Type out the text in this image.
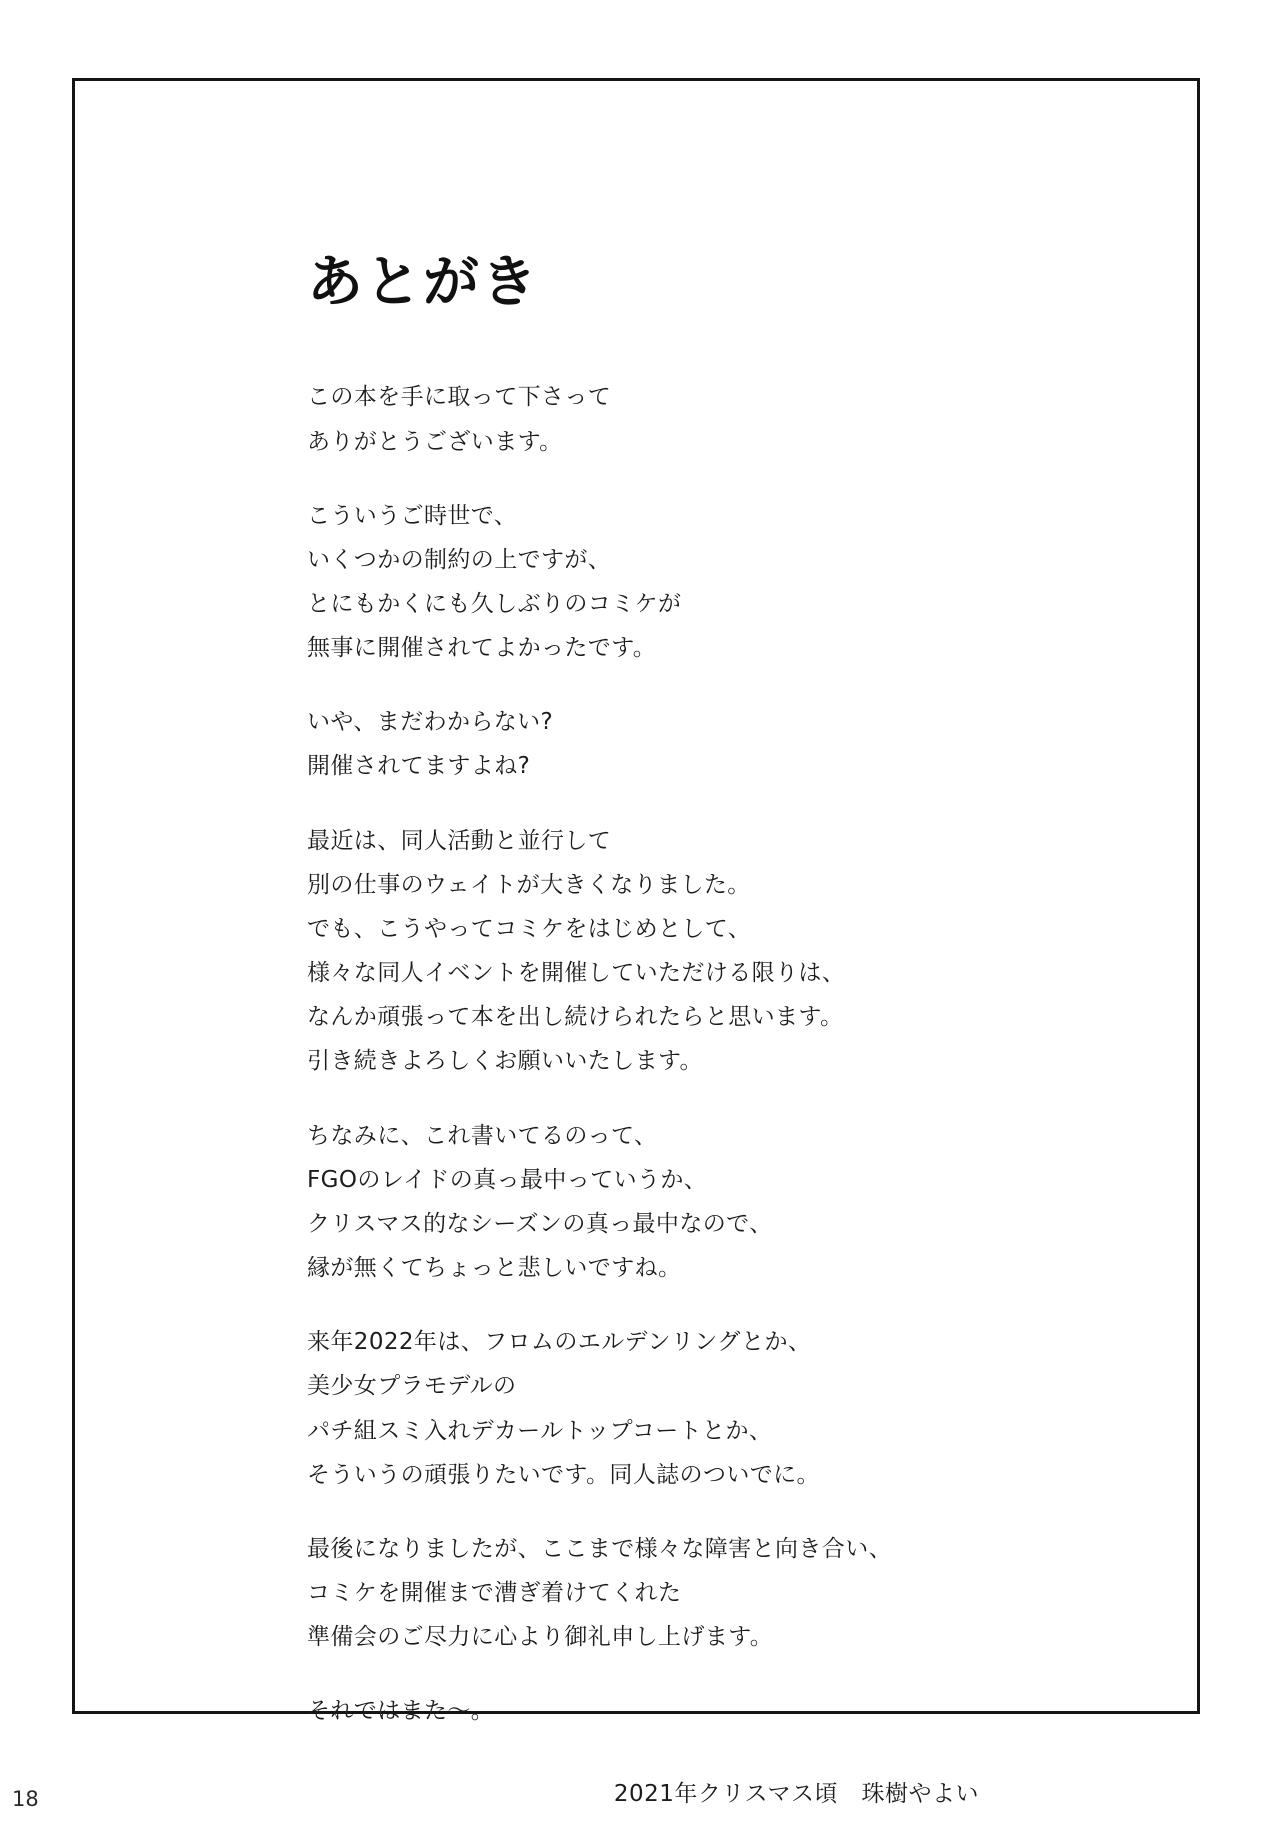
あとがき

この本を手に取って下さって
ありがとうございます。

こういうご時世で、
いくつかの制約の上ですが、
とにもかくにも久しぶりのコミケが
無事に開催されてよかったです。

いや、まだわからない?
開催されてますよね?

最近は、同人活動と並行して
別の仕事のウェイトが大きくなりました。
でも、こうやってコミケをはじめとして、
様々な同人イベントを開催していただける限りは、
なんか頑張って本を出し続けられたらと思います。
引き続きよろしくお願いいたします。

ちなみに、これ書いてるのって、
FGOのレイドの真っ最中っていうか、
クリスマス的なシーズンの真っ最中なので、
縁が無くてちょっと悲しいですね。

来年2022年は、フロムのエルデンリングとか、
美少女プラモデルの
パチ組スミ入れデカールトップコートとか、
そういうの頑張りたいです。同人誌のついでに。

最後になりましたが、ここまで様々な障害と向き合い、
コミケを開催まで漕ぎ着けてくれた
準備会のご尽力に心より御礼申し上げます。

それではまた～。

2021年クリスマス頃　珠樹やよい
18
